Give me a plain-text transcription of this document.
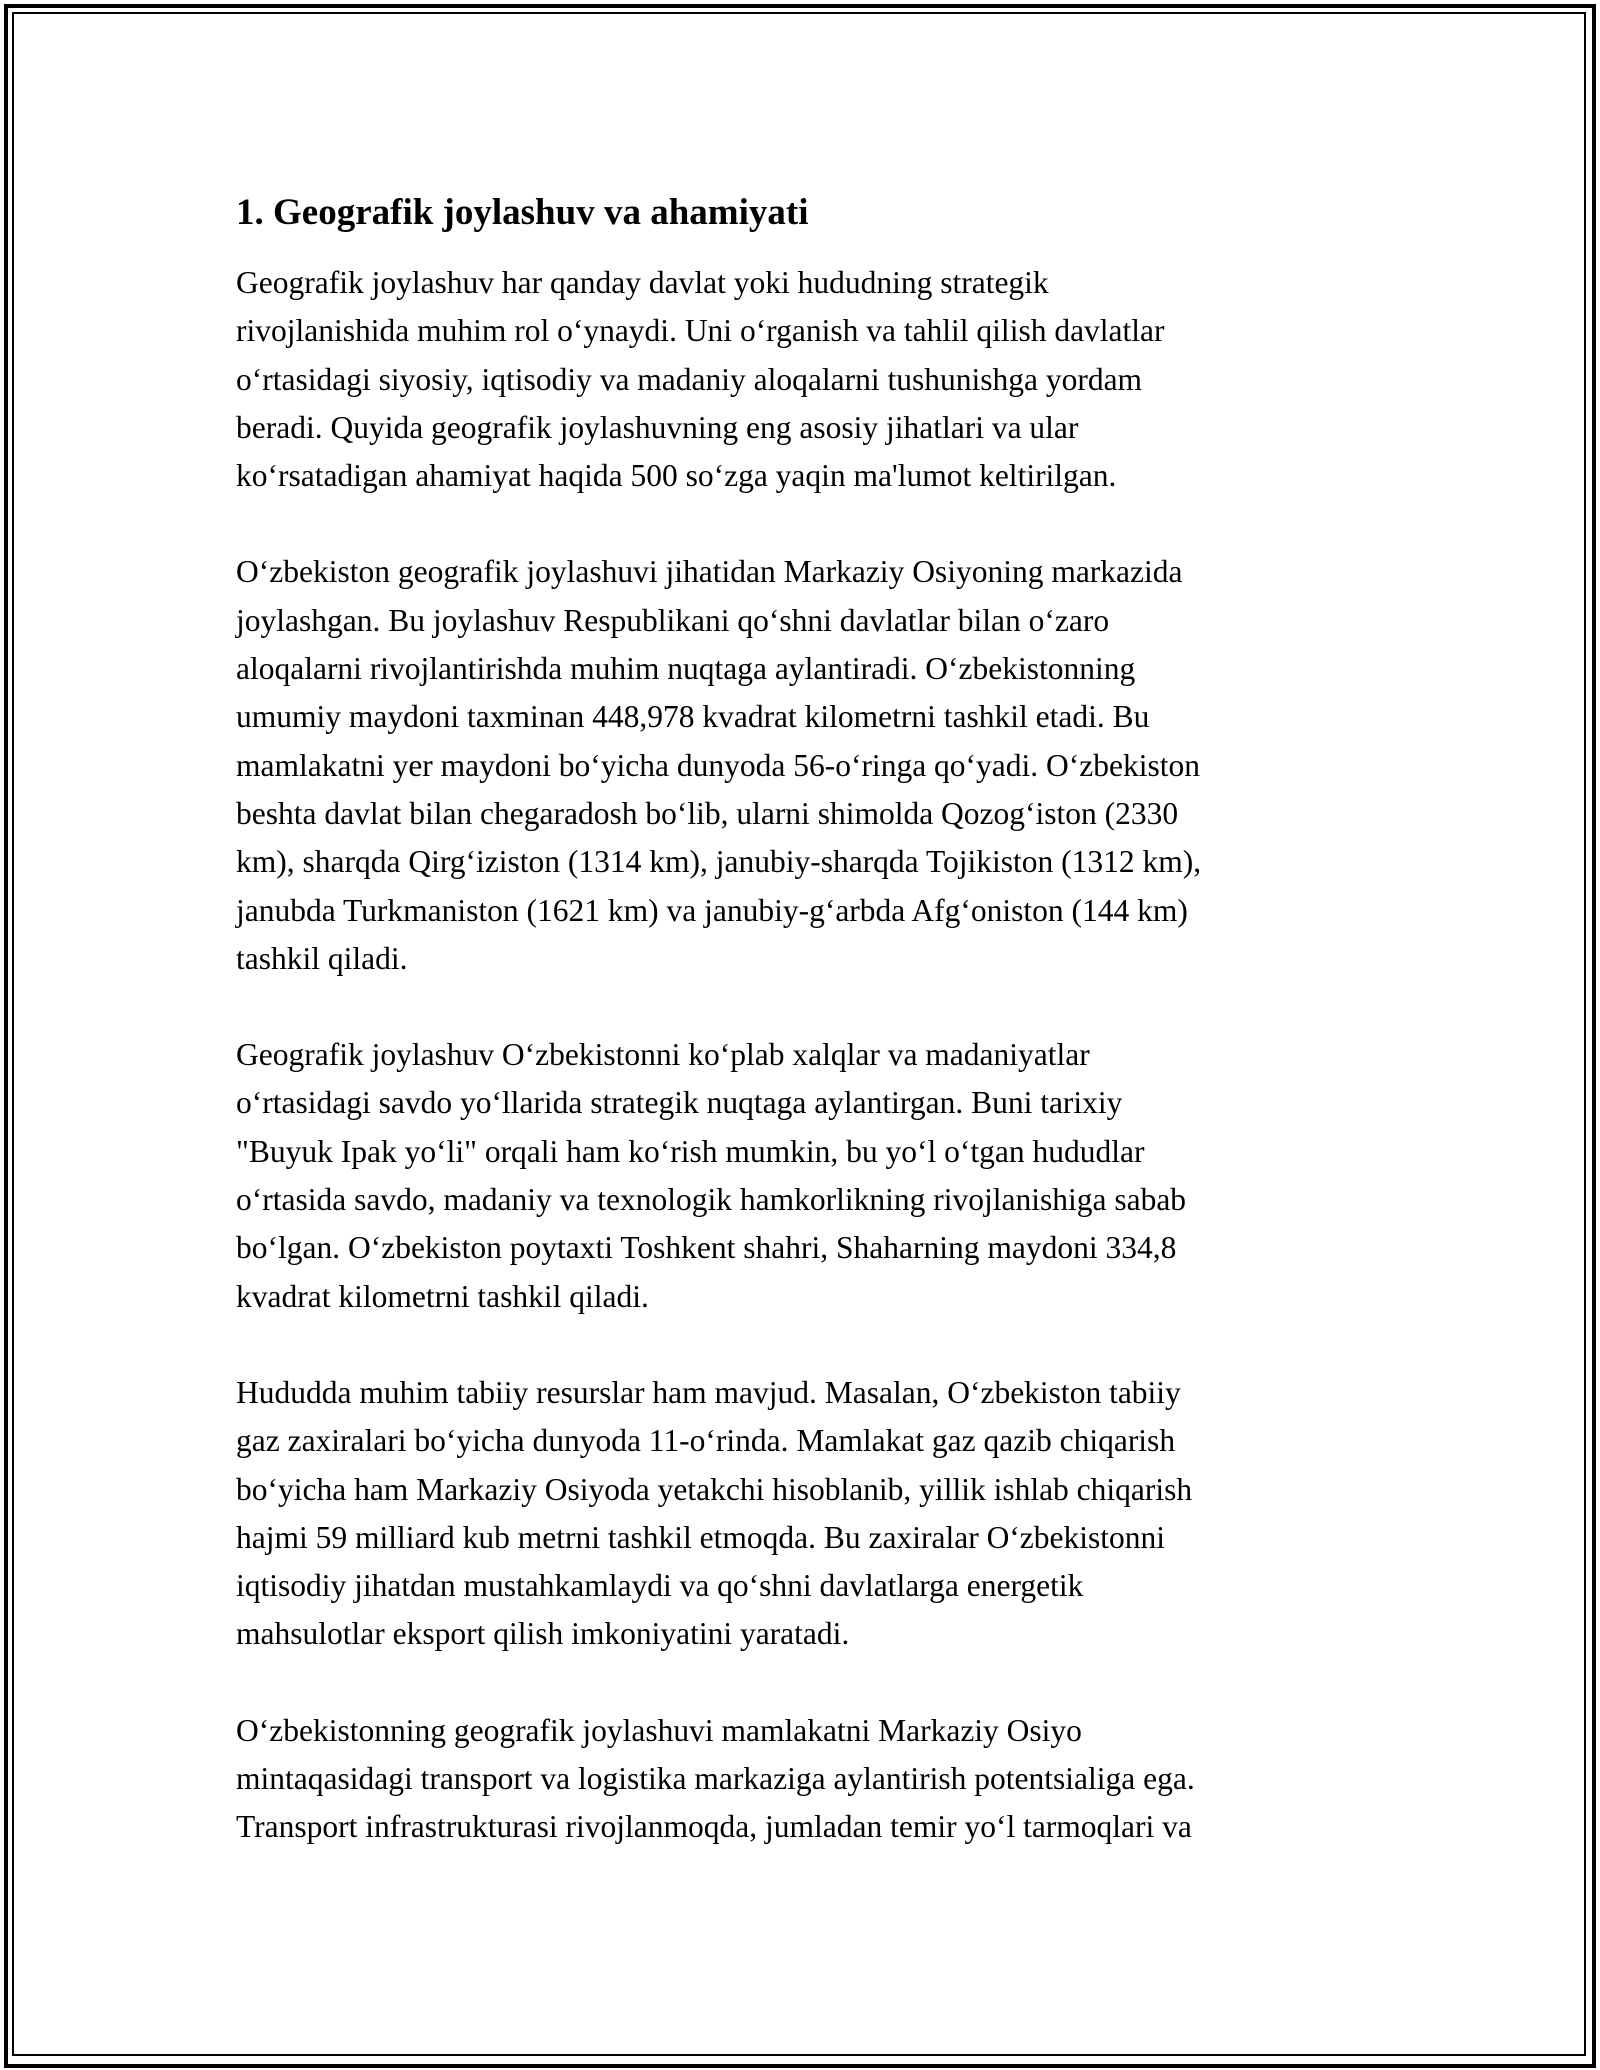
1. Geografik joylashuv va ahamiyati

Geografik joylashuv har qanday davlat yoki hududning strategik
rivojlanishida muhim rol o‘ynaydi. Uni o‘rganish va tahlil qilish davlatlar
o‘rtasidagi siyosiy, iqtisodiy va madaniy aloqalarni tushunishga yordam
beradi. Quyida geografik joylashuvning eng asosiy jihatlari va ular
ko‘rsatadigan ahamiyat haqida 500 so‘zga yaqin ma'lumot keltirilgan.

O‘zbekiston geografik joylashuvi jihatidan Markaziy Osiyoning markazida
joylashgan. Bu joylashuv Respublikani qo‘shni davlatlar bilan o‘zaro
aloqalarni rivojlantirishda muhim nuqtaga aylantiradi. O‘zbekistonning
umumiy maydoni taxminan 448,978 kvadrat kilometrni tashkil etadi. Bu
mamlakatni yer maydoni bo‘yicha dunyoda 56-o‘ringa qo‘yadi. O‘zbekiston
beshta davlat bilan chegaradosh bo‘lib, ularni shimolda Qozog‘iston (2330
km), sharqda Qirg‘iziston (1314 km), janubiy-sharqda Tojikiston (1312 km),
janubda Turkmaniston (1621 km) va janubiy-g‘arbda Afg‘oniston (144 km)
tashkil qiladi.

Geografik joylashuv O‘zbekistonni ko‘plab xalqlar va madaniyatlar
o‘rtasidagi savdo yo‘llarida strategik nuqtaga aylantirgan. Buni tarixiy
"Buyuk Ipak yo‘li" orqali ham ko‘rish mumkin, bu yo‘l o‘tgan hududlar
o‘rtasida savdo, madaniy va texnologik hamkorlikning rivojlanishiga sabab
bo‘lgan. O‘zbekiston poytaxti Toshkent shahri, Shaharning maydoni 334,8
kvadrat kilometrni tashkil qiladi.

Hududda muhim tabiiy resurslar ham mavjud. Masalan, O‘zbekiston tabiiy
gaz zaxiralari bo‘yicha dunyoda 11-o‘rinda. Mamlakat gaz qazib chiqarish
bo‘yicha ham Markaziy Osiyoda yetakchi hisoblanib, yillik ishlab chiqarish
hajmi 59 milliard kub metrni tashkil etmoqda. Bu zaxiralar O‘zbekistonni
iqtisodiy jihatdan mustahkamlaydi va qo‘shni davlatlarga energetik
mahsulotlar eksport qilish imkoniyatini yaratadi.

O‘zbekistonning geografik joylashuvi mamlakatni Markaziy Osiyo
mintaqasidagi transport va logistika markaziga aylantirish potentsialiga ega.
Transport infrastrukturasi rivojlanmoqda, jumladan temir yo‘l tarmoqlari va
